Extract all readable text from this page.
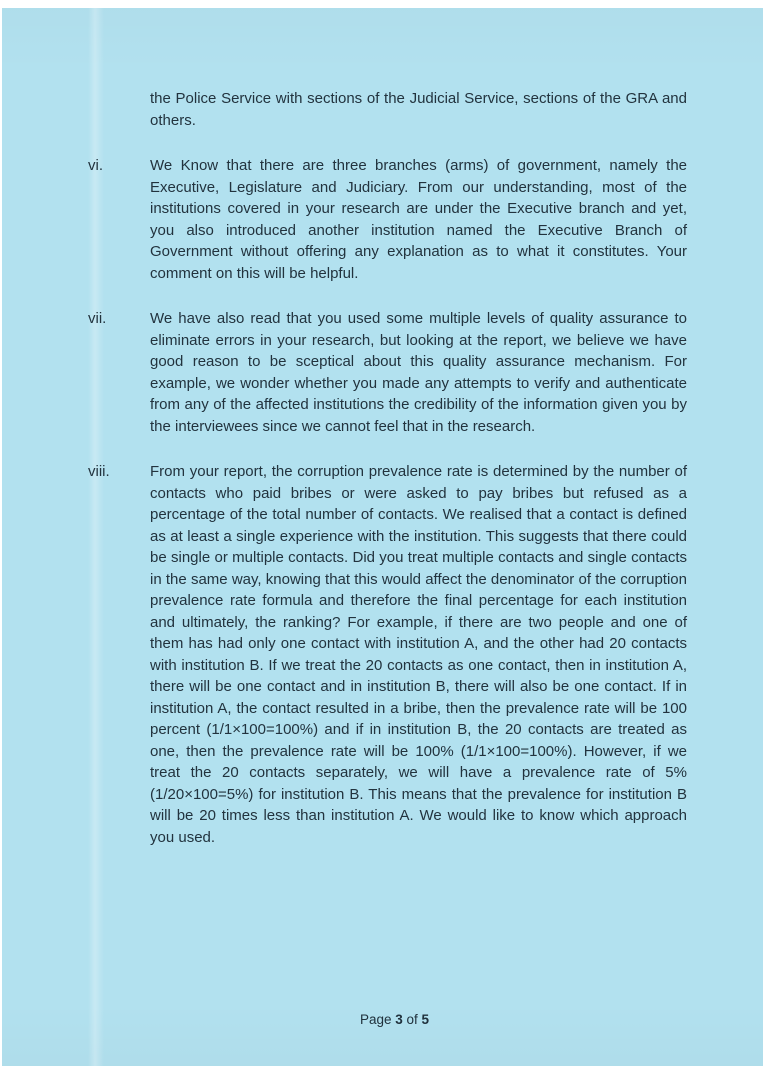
the Police Service with sections of the Judicial Service, sections of the GRA and others.
vi.	We Know that there are three branches (arms) of government, namely the Executive, Legislature and Judiciary. From our understanding, most of the institutions covered in your research are under the Executive branch and yet, you also introduced another institution named the Executive Branch of Government without offering any explanation as to what it constitutes. Your comment on this will be helpful.
vii.	We have also read that you used some multiple levels of quality assurance to eliminate errors in your research, but looking at the report, we believe we have good reason to be sceptical about this quality assurance mechanism. For example, we wonder whether you made any attempts to verify and authenticate from any of the affected institutions the credibility of the information given you by the interviewees since we cannot feel that in the research.
viii.	From your report, the corruption prevalence rate is determined by the number of contacts who paid bribes or were asked to pay bribes but refused as a percentage of the total number of contacts. We realised that a contact is defined as at least a single experience with the institution. This suggests that there could be single or multiple contacts. Did you treat multiple contacts and single contacts in the same way, knowing that this would affect the denominator of the corruption prevalence rate formula and therefore the final percentage for each institution and ultimately, the ranking? For example, if there are two people and one of them has had only one contact with institution A, and the other had 20 contacts with institution B. If we treat the 20 contacts as one contact, then in institution A, there will be one contact and in institution B, there will also be one contact. If in institution A, the contact resulted in a bribe, then the prevalence rate will be 100 percent (1/1×100=100%) and if in institution B, the 20 contacts are treated as one, then the prevalence rate will be 100% (1/1×100=100%). However, if we treat the 20 contacts separately, we will have a prevalence rate of 5% (1/20×100=5%) for institution B. This means that the prevalence for institution B will be 20 times less than institution A. We would like to know which approach you used.
Page 3 of 5
